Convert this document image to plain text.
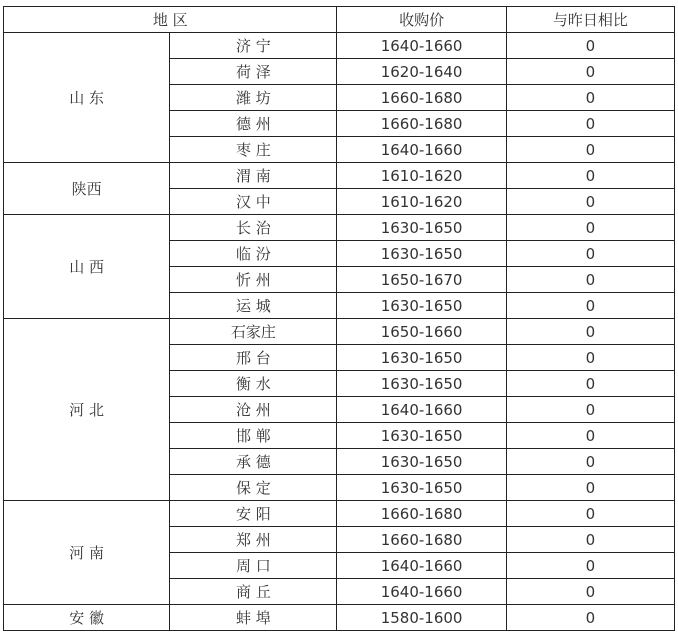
地 区		收购价	与昨日相比
山 东	济 宁	1640-1660	0
	荷 泽	1620-1640	0
	潍 坊	1660-1680	0
	德 州	1660-1680	0
	枣 庄	1640-1660	0
陕西	渭 南	1610-1620	0
	汉 中	1610-1620	0
山 西	长 治	1630-1650	0
	临 汾	1630-1650	0
	忻 州	1650-1670	0
	运 城	1630-1650	0
河 北	石家庄	1650-1660	0
	邢 台	1630-1650	0
	衡 水	1630-1650	0
	沧 州	1640-1660	0
	邯 郸	1630-1650	0
	承 德	1630-1650	0
	保 定	1630-1650	0
河 南	安 阳	1660-1680	0
	郑 州	1660-1680	0
	周 口	1640-1660	0
	商 丘	1640-1660	0
安 徽	蚌 埠	1580-1600	0
